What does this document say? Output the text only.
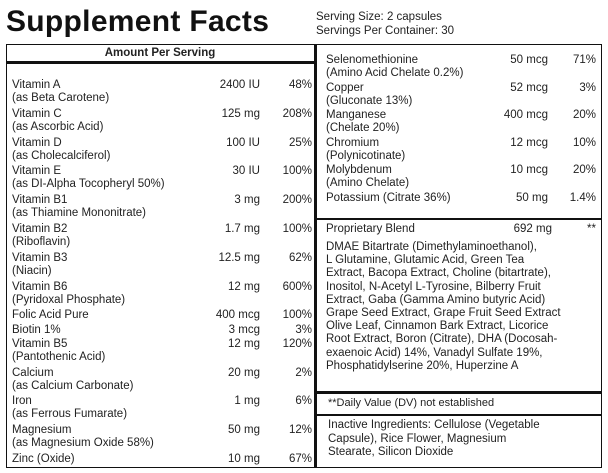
Supplement Facts	Serving Size: 2 capsules
Servings Per Container: 30
Amount Per Serving
Vitamin A	2400 IU	48%
(as Beta Carotene)
Vitamin C	125 mg	208%
(as Ascorbic Acid)
Vitamin D	100 IU	25%
(as Cholecalciferol)
Vitamin E	30 IU	100%
(as DI-Alpha Tocopheryl 50%)
Vitamin B1	3 mg	200%
(as Thiamine Mononitrate)
Vitamin B2	1.7 mg	100%
(Riboflavin)
Vitamin B3	12.5 mg	62%
(Niacin)
Vitamin B6	12 mg	600%
(Pyridoxal Phosphate)
Folic Acid Pure	400 mcg	100%
Biotin 1%	3 mcg	3%
Vitamin B5	12 mg	120%
(Pantothenic Acid)
Calcium	20 mg	2%
(as Calcium Carbonate)
Iron	1 mg	6%
(as Ferrous Fumarate)
Magnesium	50 mg	12%
(as Magnesium Oxide 58%)
Zinc (Oxide)	10 mg	67%
Selenomethionine	50 mcg	71%
(Amino Acid Chelate 0.2%)
Copper	52 mcg	3%
(Gluconate 13%)
Manganese	400 mcg	20%
(Chelate 20%)
Chromium	12 mcg	10%
(Polynicotinate)
Molybdenum	10 mcg	20%
(Amino Chelate)
Potassium (Citrate 36%)	50 mg	1.4%
Proprietary Blend	692 mg	**
DMAE Bitartrate (Dimethylaminoethanol),
L Glutamine, Glutamic Acid, Green Tea
Extract, Bacopa Extract, Choline (bitartrate),
Inositol, N-Acetyl L-Tyrosine, Bilberry Fruit
Extract, Gaba (Gamma Amino butyric Acid)
Grape Seed Extract, Grape Fruit Seed Extract
Olive Leaf, Cinnamon Bark Extract, Licorice
Root Extract, Boron (Citrate), DHA (Docosah-
exaenoic Acid) 14%, Vanadyl Sulfate 19%,
Phosphatidylserine 20%, Huperzine A
**Daily Value (DV) not established
Inactive Ingredients: Cellulose (Vegetable
Capsule), Rice Flower, Magnesium
Stearate, Silicon Dioxide
